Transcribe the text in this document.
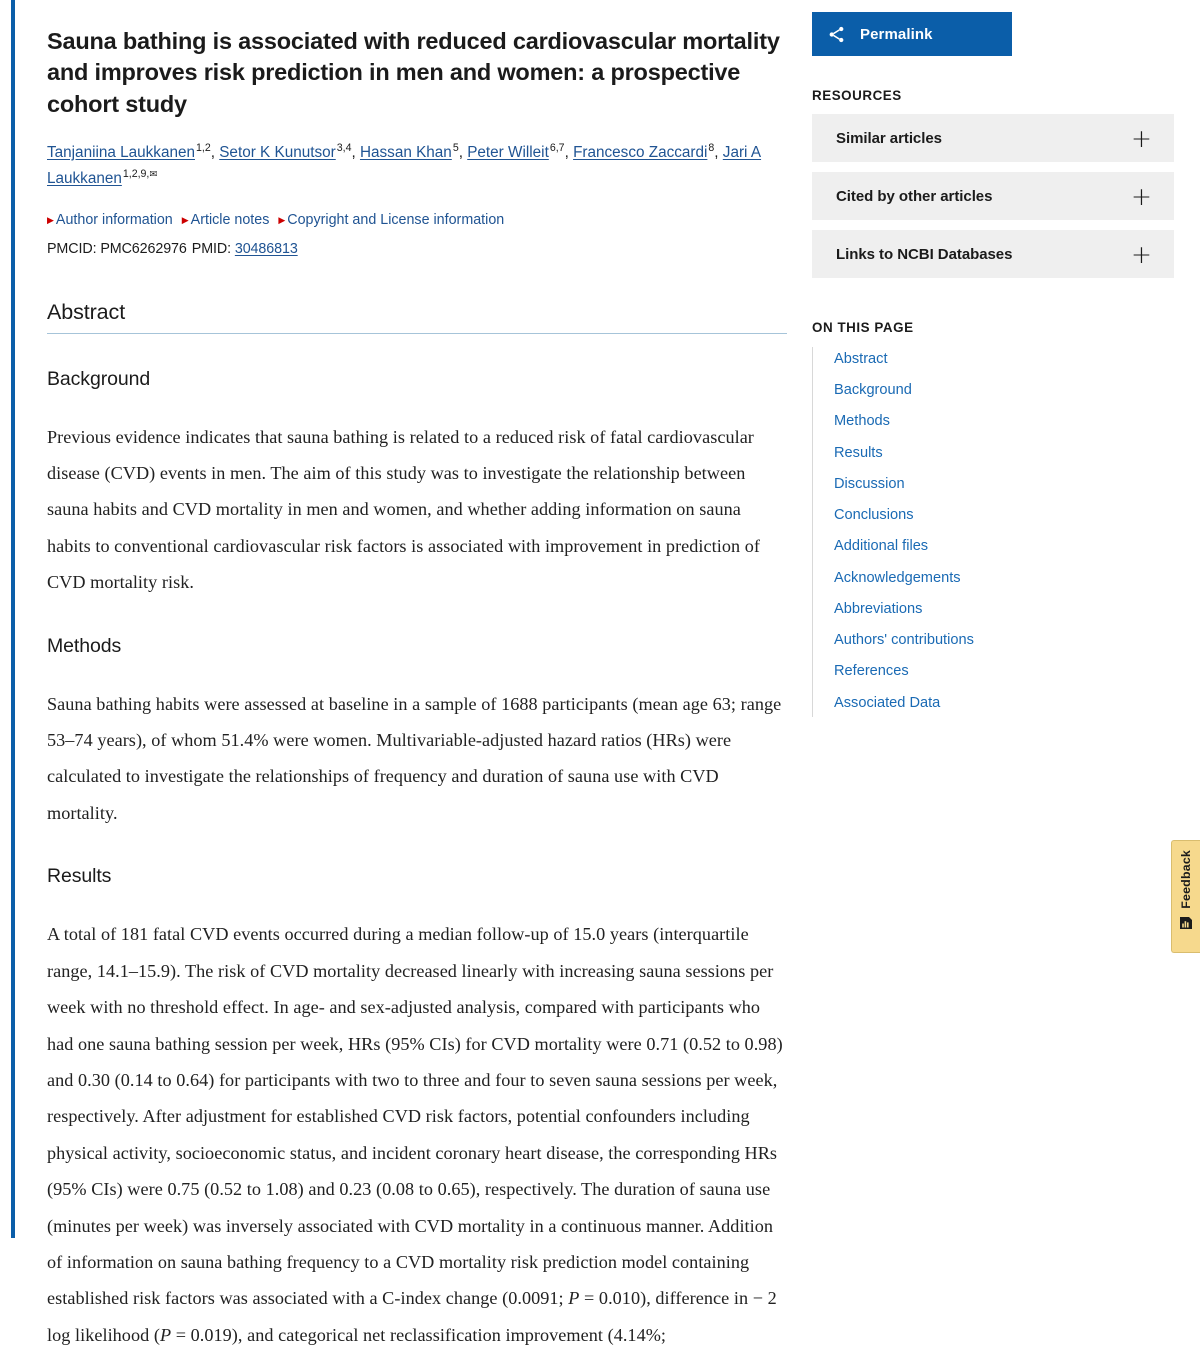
Sauna bathing is associated with reduced cardiovascular mortality and improves risk prediction in men and women: a prospective cohort study
Tanjaniina Laukkanen$^{1,2}$, Setor K Kunutsor$^{3,4}$, Hassan Khan$^5$, Peter Willeit$^{6,7}$, Francesco Zaccardi$^8$, Jari A Laukkanen$^{1,2,9,✉}$
▶ Author information ▶ Article notes ▶ Copyright and License information
PMCID: PMC6262976 PMID: 30486813
Abstract
Background

Previous evidence indicates that sauna bathing is related to a reduced risk of fatal cardiovascular disease (CVD) events in men. The aim of this study was to investigate the relationship between sauna habits and CVD mortality in men and women, and whether adding information on sauna habits to conventional cardiovascular risk factors is associated with improvement in prediction of CVD mortality risk.

Methods

Sauna bathing habits were assessed at baseline in a sample of 1688 participants (mean age 63; range 53–74 years), of whom 51.4% were women. Multivariable-adjusted hazard ratios (HRs) were calculated to investigate the relationships of frequency and duration of sauna use with CVD mortality.

Results

A total of 181 fatal CVD events occurred during a median follow-up of 15.0 years (interquartile range, 14.1–15.9). The risk of CVD mortality decreased linearly with increasing sauna sessions per week with no threshold effect. In age- and sex-adjusted analysis, compared with participants who had one sauna bathing session per week, HRs (95% CIs) for CVD mortality were 0.71 (0.52 to 0.98) and 0.30 (0.14 to 0.64) for participants with two to three and four to seven sauna sessions per week, respectively. After adjustment for established CVD risk factors, potential confounders including physical activity, socioeconomic status, and incident coronary heart disease, the corresponding HRs (95% CIs) were 0.75 (0.52 to 1.08) and 0.23 (0.08 to 0.65), respectively. The duration of sauna use (minutes per week) was inversely associated with CVD mortality in a continuous manner. Addition of information on sauna bathing frequency to a CVD mortality risk prediction model containing established risk factors was associated with a C-index change (0.0091; P = 0.010), difference in − 2 log likelihood (P = 0.019), and categorical net reclassification improvement (4.14%;

Permalink
RESOURCES
Similar articles	+
Cited by other articles	+
Links to NCBI Databases	+
ON THIS PAGE
Abstract
Background
Methods
Results
Discussion
Conclusions
Additional files
Acknowledgements
Abbreviations
Authors' contributions
References
Associated Data
Feedback
